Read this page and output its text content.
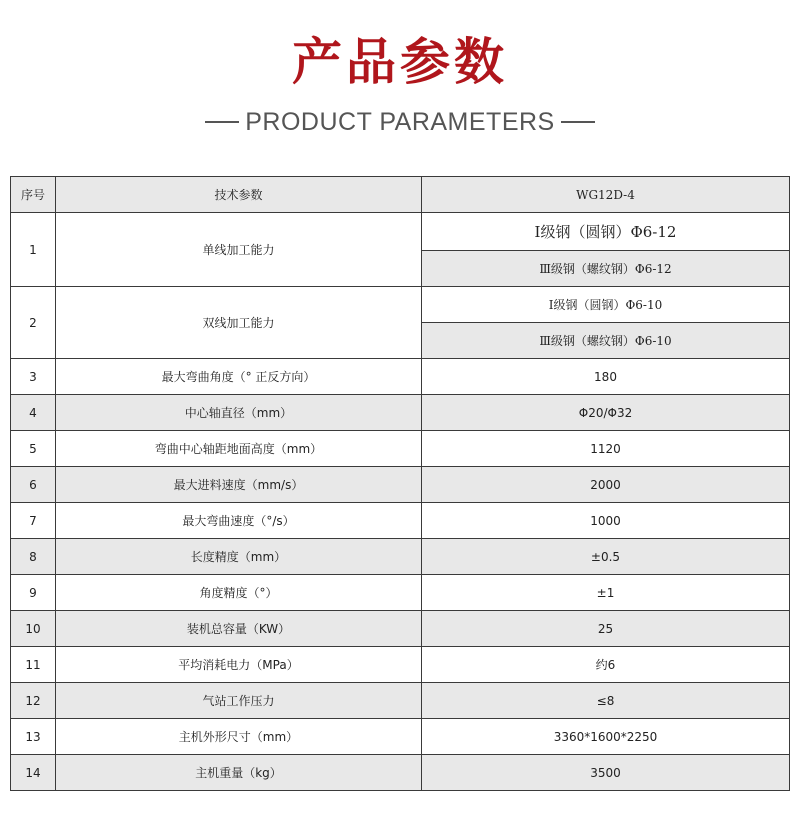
产品参数
PRODUCT PARAMETERS
序号	技术参数	WG12D-4
1	单线加工能力	Ⅰ级钢（圆钢）Φ6-12
		Ⅲ级钢（螺纹钢）Φ6-12
2	双线加工能力	Ⅰ级钢（圆钢）Φ6-10
		Ⅲ级钢（螺纹钢）Φ6-10
3	最大弯曲角度（° 正反方向）	180
4	中心轴直径（mm）	Φ20/Φ32
5	弯曲中心轴距地面高度（mm）	1120
6	最大进料速度（mm/s）	2000
7	最大弯曲速度（°/s）	1000
8	长度精度（mm）	±0.5
9	角度精度（°）	±1
10	装机总容量（KW）	25
11	平均消耗电力（MPa）	约6
12	气站工作压力	≤8
13	主机外形尺寸（mm）	3360*1600*2250
14	主机重量（kg）	3500
